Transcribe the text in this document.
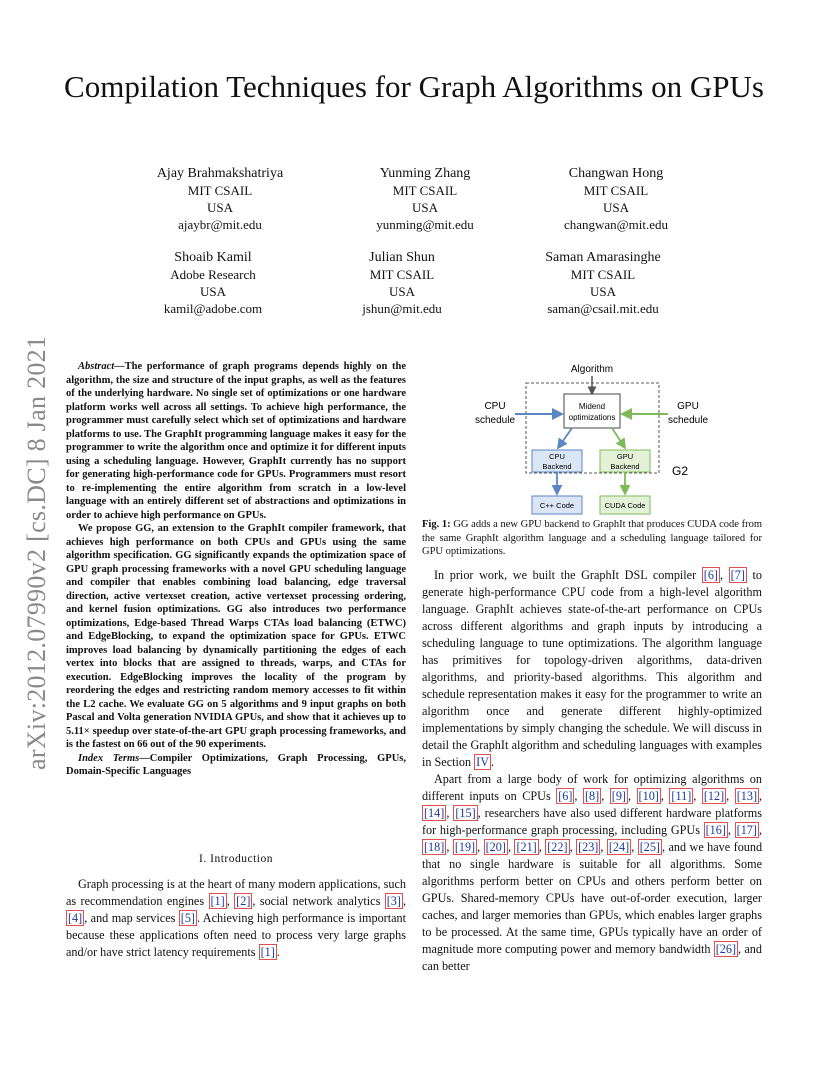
arXiv:2012.07990v2 [cs.DC] 8 Jan 2021
Compilation Techniques for Graph Algorithms on GPUs
Ajay Brahmakshatriya
MIT CSAIL
USA
ajaybr@mit.edu
Yunming Zhang
MIT CSAIL
USA
yunming@mit.edu
Changwan Hong
MIT CSAIL
USA
changwan@mit.edu
Shoaib Kamil
Adobe Research
USA
kamil@adobe.com
Julian Shun
MIT CSAIL
USA
jshun@mit.edu
Saman Amarasinghe
MIT CSAIL
USA
saman@csail.mit.edu

Abstract—The performance of graph programs depends highly on the algorithm, the size and structure of the input graphs, as well as the features of the underlying hardware. No single set of optimizations or one hardware platform works well across all settings. To achieve high performance, the programmer must carefully select which set of optimizations and hardware platforms to use. The GraphIt programming language makes it easy for the programmer to write the algorithm once and optimize it for different inputs using a scheduling language. However, GraphIt currently has no support for generating high-performance code for GPUs. Programmers must resort to re-implementing the entire algorithm from scratch in a low-level language with an entirely different set of abstractions and optimizations in order to achieve high performance on GPUs.

We propose GG, an extension to the GraphIt compiler framework, that achieves high performance on both CPUs and GPUs using the same algorithm specification. GG significantly expands the optimization space of GPU graph processing frameworks with a novel GPU scheduling language and compiler that enables combining load balancing, edge traversal direction, active vertexset creation, active vertexset processing ordering, and kernel fusion optimizations. GG also introduces two performance optimizations, Edge-based Thread Warps CTAs load balancing (ETWC) and EdgeBlocking, to expand the optimization space for GPUs. ETWC improves load balancing by dynamically partitioning the edges of each vertex into blocks that are assigned to threads, warps, and CTAs for execution. EdgeBlocking improves the locality of the program by reordering the edges and restricting random memory accesses to fit within the L2 cache. We evaluate GG on 5 algorithms and 9 input graphs on both Pascal and Volta generation NVIDIA GPUs, and show that it achieves up to 5.11× speedup over state-of-the-art GPU graph processing frameworks, and is the fastest on 66 out of the 90 experiments.

Index Terms—Compiler Optimizations, Graph Processing, GPUs, Domain-Specific Languages

I. Introduction

Graph processing is at the heart of many modern applications, such as recommendation engines [1] , [2] , social network analytics [3] , [4] , and map services [5] . Achieving high performance is important because these applications often need to process very large graphs and/or have strict latency requirements [1] .

Algorithm
Midend
optimizations
CPU
schedule
GPU
schedule
CPU
Backend
GPU
Backend	G2
C++ Code	CUDA Code
Fig. 1: GG adds a new GPU backend to GraphIt that produces CUDA code from the same GraphIt algorithm language and a scheduling language tailored for GPU optimizations.

In prior work, we built the GraphIt DSL compiler [6] , [7] to generate high-performance CPU code from a high-level algorithm language. GraphIt achieves state-of-the-art performance on CPUs across different algorithms and graph inputs by introducing a scheduling language to tune optimizations. The algorithm language has primitives for topology-driven algorithms, data-driven algorithms, and priority-based algorithms. This algorithm and schedule representation makes it easy for the programmer to write an algorithm once and generate different highly-optimized implementations by simply changing the schedule. We will discuss in detail the GraphIt algorithm and scheduling languages with examples in Section IV .

Apart from a large body of work for optimizing algorithms on different inputs on CPUs [6] , [8] , [9] , [10] , [11] , [12] , [13] , [14] , [15] , researchers have also used different hardware platforms for high-performance graph processing, including GPUs [16] , [17] , [18] , [19] , [20] , [21] , [22] , [23] , [24] , [25] , and we have found that no single hardware is suitable for all algorithms. Some algorithms perform better on CPUs and others perform better on GPUs. Shared-memory CPUs have out-of-order execution, larger caches, and larger memories than GPUs, which enables larger graphs to be processed. At the same time, GPUs typically have an order of magnitude more computing power and memory bandwidth [26] , and can better
